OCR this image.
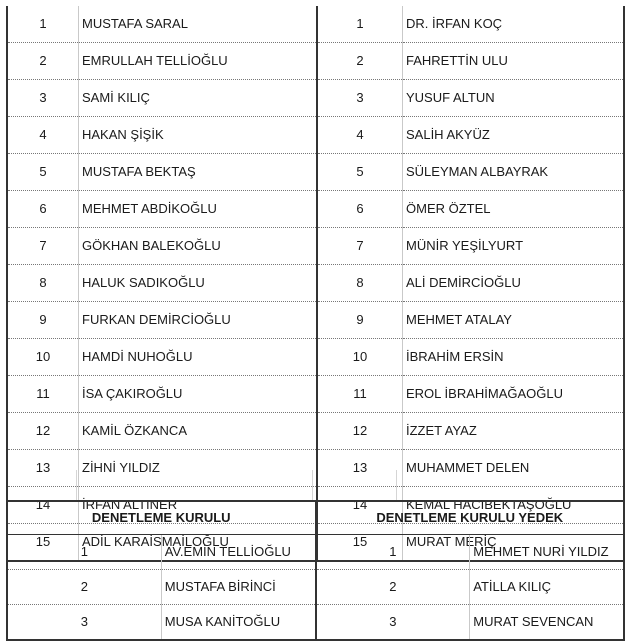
1	MUSTAFA SARAL	1	DR. İRFAN KOÇ
2	EMRULLAH TELLİOĞLU	2	FAHRETTİN ULU
3	SAMİ KILIÇ	3	YUSUF ALTUN
4	HAKAN ŞİŞİK	4	SALİH AKYÜZ
5	MUSTAFA BEKTAŞ	5	SÜLEYMAN ALBAYRAK
6	MEHMET ABDİKOĞLU	6	ÖMER ÖZTEL
7	GÖKHAN BALEKOĞLU	7	MÜNİR YEŞİLYURT
8	HALUK SADIKOĞLU	8	ALİ DEMİRCİOĞLU
9	FURKAN DEMİRCİOĞLU	9	MEHMET ATALAY
10	HAMDİ NUHOĞLU	10	İBRAHİM ERSİN
11	İSA ÇAKIROĞLU	11	EROL İBRAHİMAĞAOĞLU
12	KAMİL ÖZKANCA	12	İZZET AYAZ
13	ZİHNİ YILDIZ	13	MUHAMMET DELEN
14	İRFAN ALTINER	14	KEMAL HACIBEKTAŞOĞLU
15	ADİL KARAİSMAİLOĞLU	15	MURAT MERİÇ
DENETLEME KURULU		DENETLEME KURULU YEDEK	
1	AV.EMİN TELLİOĞLU	1	MEHMET NURİ YILDIZ
2	MUSTAFA BİRİNCİ	2	ATİLLA KILIÇ
3	MUSA KANİTOĞLU	3	MURAT SEVENCAN
